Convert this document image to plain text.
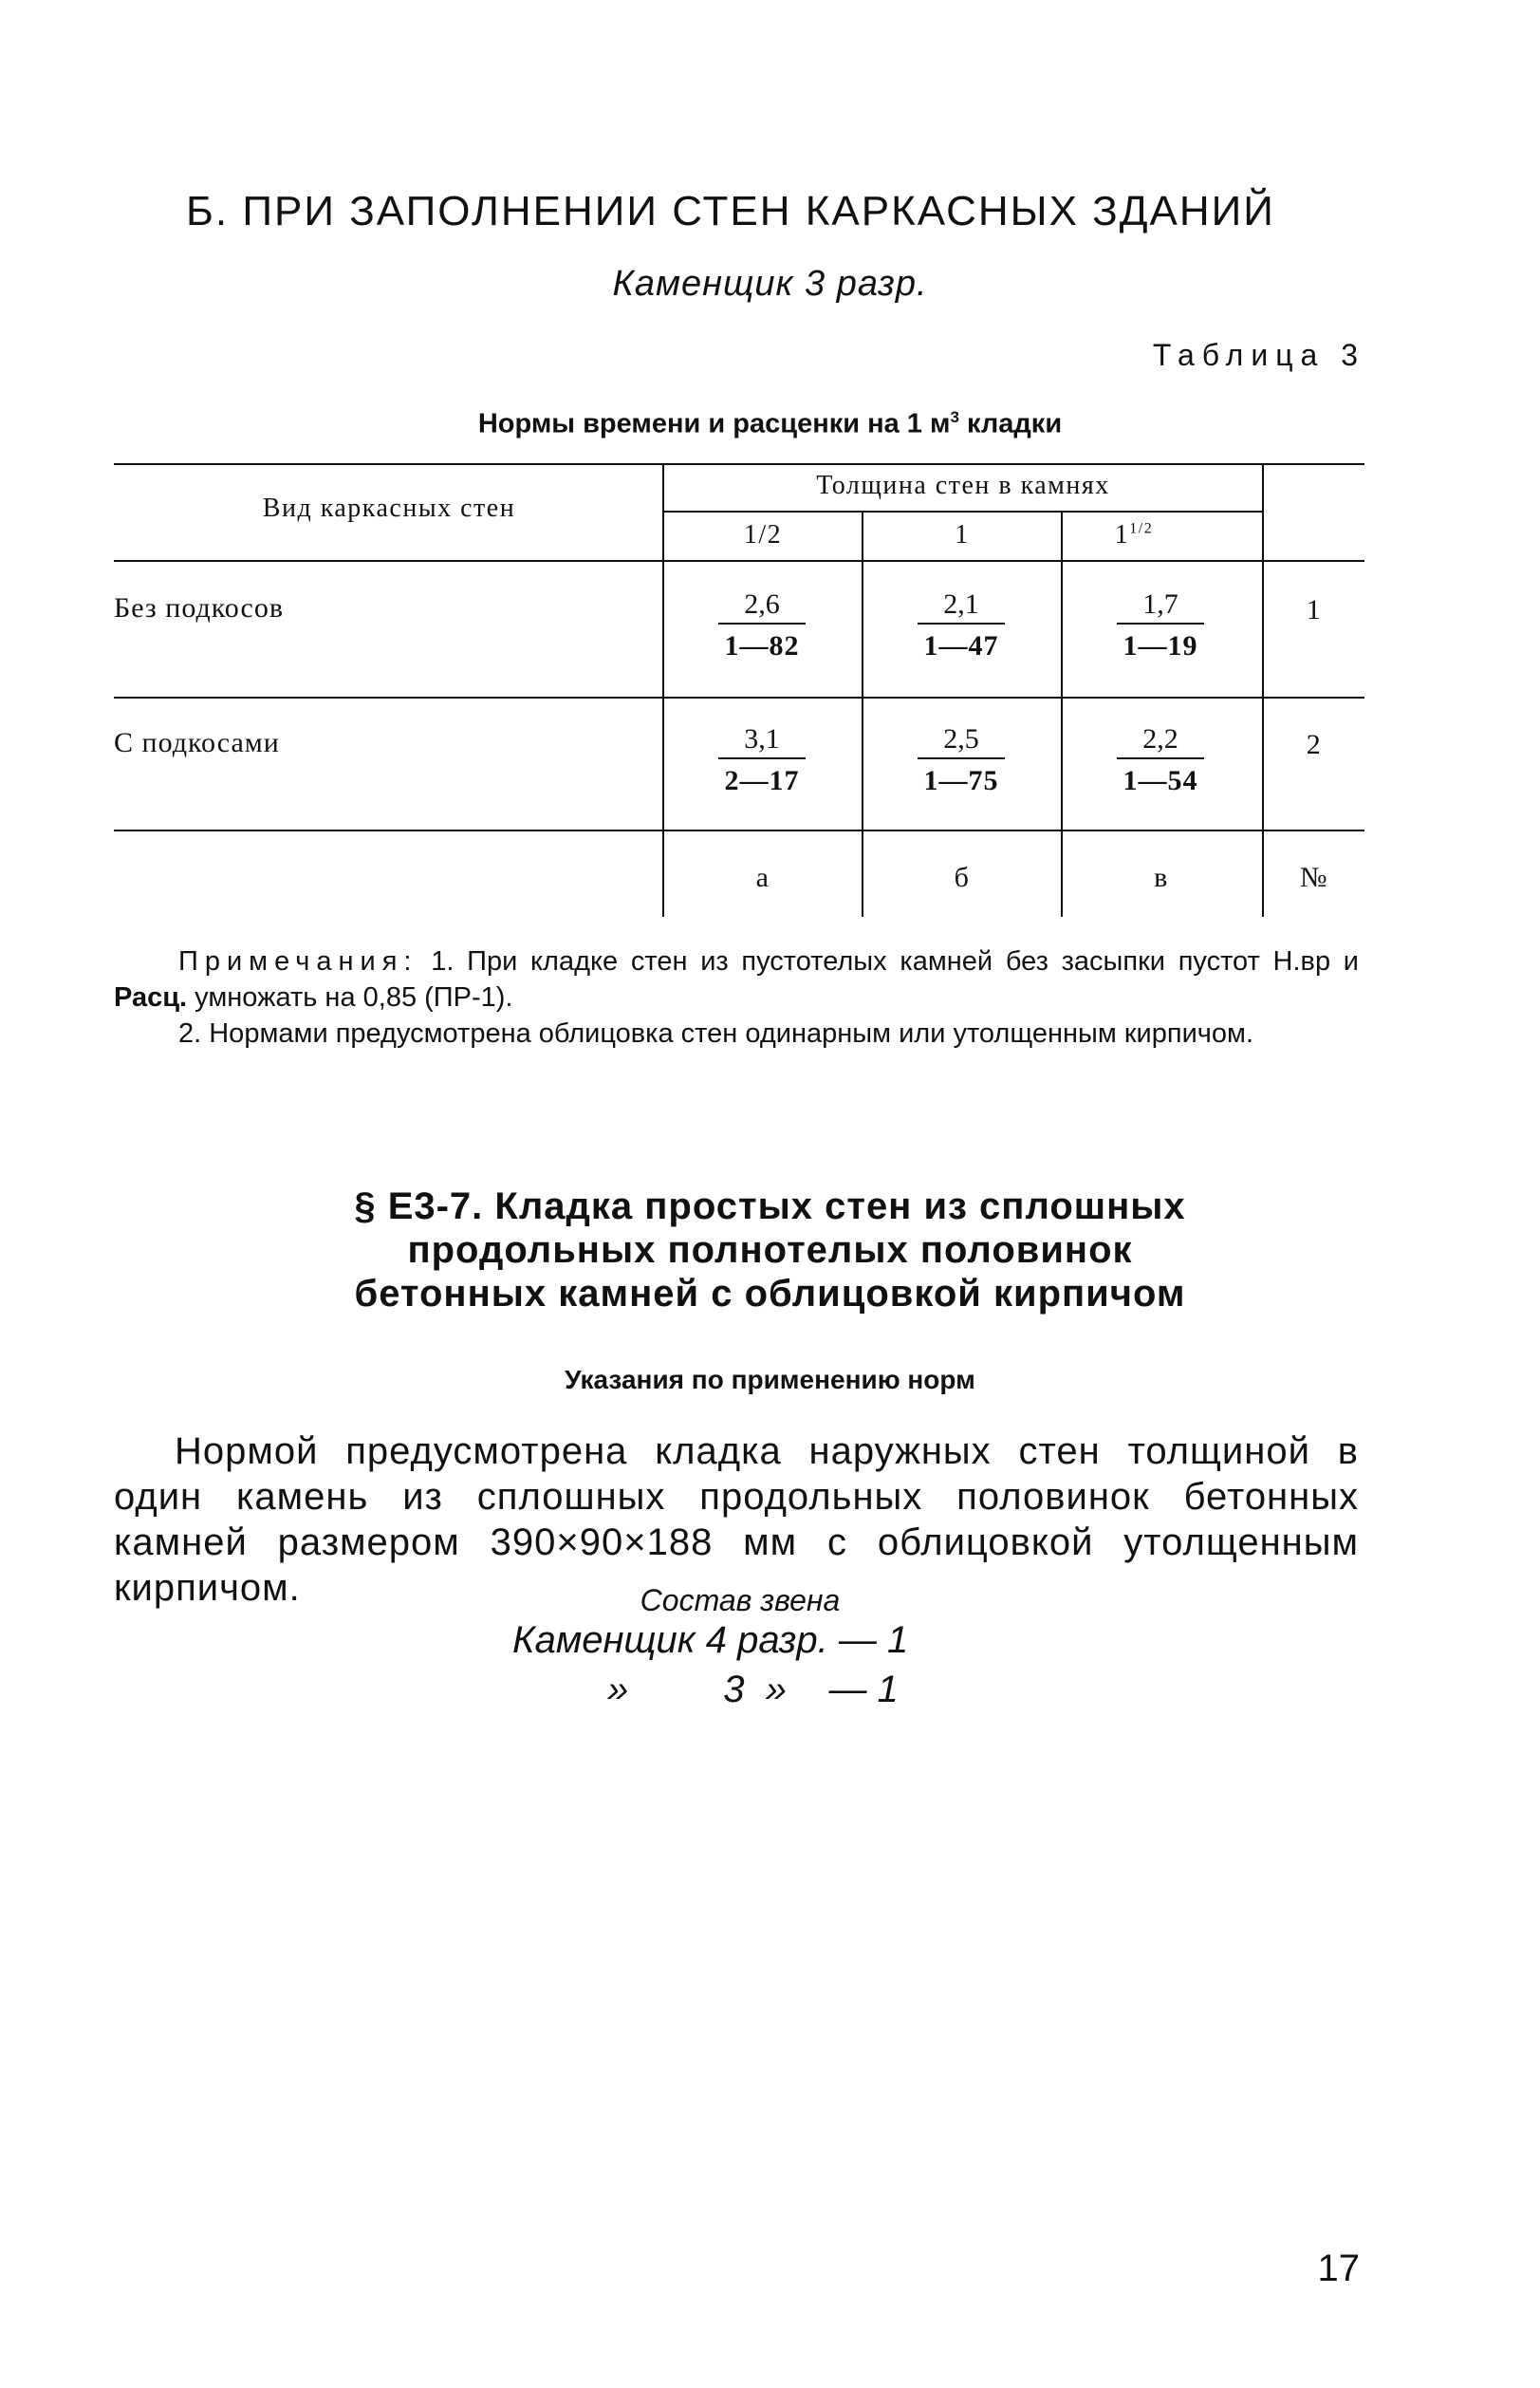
Б. ПРИ ЗАПОЛНЕНИИ СТЕН КАРКАСНЫХ ЗДАНИЙ
Каменщик 3 разр.
Таблица 3
Нормы времени и расценки на 1 $м^3$ кладки
Вид каркасных стен
Толщина стен в камнях
1/2	1	$1^{1/2}$
Без подкосов	$\frac{2,6}{1—82} \frac{2,1}{1—47} \frac{1,7}{1—19}$	1
С подкосами	$\frac{3,1}{2—17} \frac{2,5}{1—75} \frac{2,2}{1—54}$	2
а	б	в	№
Примечания: 1. При кладке стен из пустотелых камней без засыпки пустот Н.вр и Расц. умножать на 0,85 (ПР-1).
2. Нормами предусмотрена облицовка стен одинарным или утолщенным кирпичом.
§ Е3-7. Кладка простых стен из сплошных
продольных полнотелых половинок
бетонных камней с облицовкой кирпичом
Указания по применению норм
Нормой предусмотрена кладка наружных стен толщиной в один камень из сплошных продольных половинок бетонных камней размером 390×90×188 мм с облицовкой утолщенным кирпичом.	Состав звена
Каменщик 4 разр. — 1
»         3  »    — 1
17
